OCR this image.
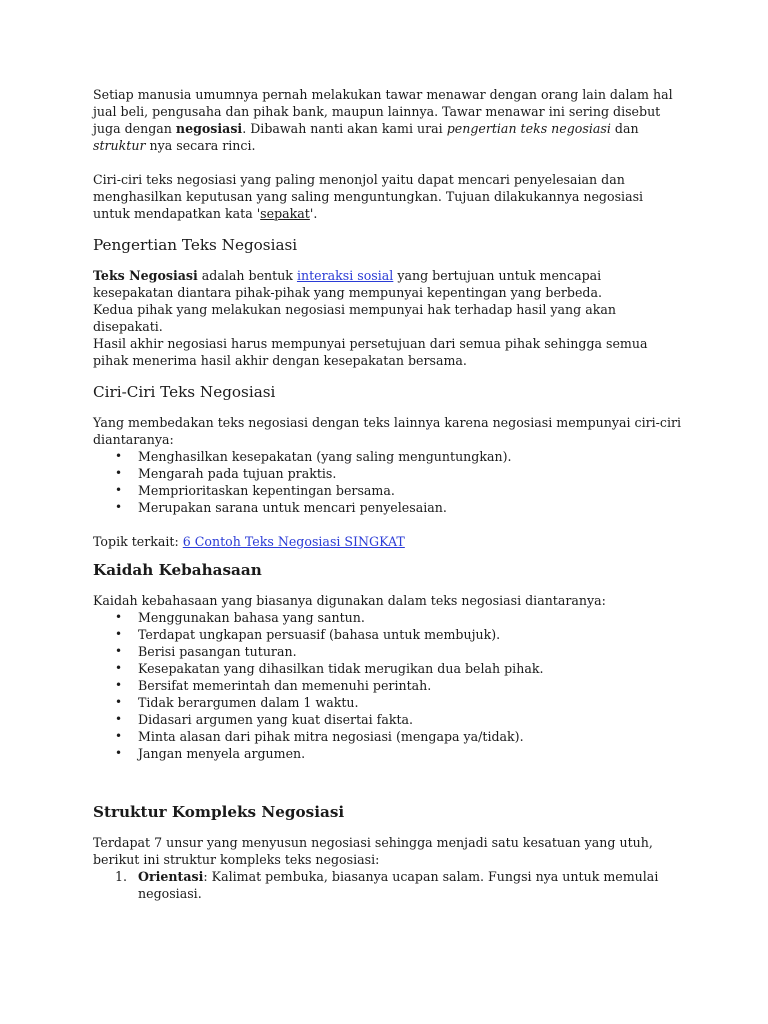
Setiap manusia umumnya pernah melakukan tawar menawar dengan orang lain dalam hal jual beli, pengusaha dan pihak bank, maupun lainnya. Tawar menawar ini sering disebut juga dengan negosiasi. Dibawah nanti akan kami urai pengertian teks negosiasi dan struktur nya secara rinci.

Ciri-ciri teks negosiasi yang paling menonjol yaitu dapat mencari penyelesaian dan menghasilkan keputusan yang saling menguntungkan. Tujuan dilakukannya negosiasi untuk mendapatkan kata 'sepakat'.

Pengertian Teks Negosiasi

Teks Negosiasi adalah bentuk interaksi sosial yang bertujuan untuk mencapai kesepakatan diantara pihak-pihak yang mempunyai kepentingan yang berbeda.

Kedua pihak yang melakukan negosiasi mempunyai hak terhadap hasil yang akan disepakati.

Hasil akhir negosiasi harus mempunyai persetujuan dari semua pihak sehingga semua pihak menerima hasil akhir dengan kesepakatan bersama.

Ciri-Ciri Teks Negosiasi

Yang membedakan teks negosiasi dengan teks lainnya karena negosiasi mempunyai ciri-ciri diantaranya:

• Menghasilkan kesepakatan (yang saling menguntungkan).
• Mengarah pada tujuan praktis.
• Memprioritaskan kepentingan bersama.
• Merupakan sarana untuk mencari penyelesaian.

Topik terkait: 6 Contoh Teks Negosiasi SINGKAT

Kaidah Kebahasaan

Kaidah kebahasaan yang biasanya digunakan dalam teks negosiasi diantaranya:

• Menggunakan bahasa yang santun.
• Terdapat ungkapan persuasif (bahasa untuk membujuk).
• Berisi pasangan tuturan.
• Kesepakatan yang dihasilkan tidak merugikan dua belah pihak.
• Bersifat memerintah dan memenuhi perintah.
• Tidak berargumen dalam 1 waktu.
• Didasari argumen yang kuat disertai fakta.
• Minta alasan dari pihak mitra negosiasi (mengapa ya/tidak).
• Jangan menyela argumen.
Struktur Kompleks Negosiasi

Terdapat 7 unsur yang menyusun negosiasi sehingga menjadi satu kesatuan yang utuh, berikut ini struktur kompleks teks negosiasi:

1. Orientasi: Kalimat pembuka, biasanya ucapan salam. Fungsi nya untuk memulai negosiasi.
